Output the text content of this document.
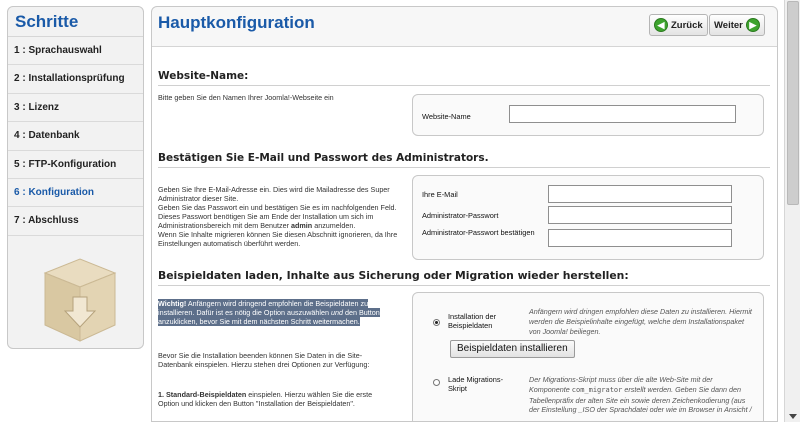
Schritte
1 : Sprachauswahl
2 : Installationsprüfung
3 : Lizenz
4 : Datenbank
5 : FTP-Konfiguration
6 : Konfiguration
7 : Abschluss
Hauptkonfiguration	◀ Zurück Weiter ▶
Website-Name:
Bitte geben Sie den Namen Ihrer Joomla!-Webseite ein
Website-Name
Bestätigen Sie E-Mail und Passwort des Administrators.
Geben Sie Ihre E-Mail-Adresse ein. Dies wird die Mailadresse des Super Administrator dieser Site.
Geben Sie das Passwort ein und bestätigen Sie es im nachfolgenden Feld. Dieses Passwort benötigen Sie am Ende der Installation um sich im Administrationsbereich mit dem Benutzer admin anzumelden.
Wenn Sie Inhalte migrieren können Sie diesen Abschnitt ignorieren, da Ihre Einstellungen automatisch überführt werden.
Ihre E-Mail
Administrator-Passwort
Administrator-Passwort bestätigen
Beispieldaten laden, Inhalte aus Sicherung oder Migration wieder herstellen:
Wichtig! Anfängern wird dringend empfohlen die Beispieldaten zu installieren. Dafür ist es nötig die Option auszuwählen und den Button anzuklicken, bevor Sie mit dem nächsten Schritt weitermachen.
Bevor Sie die Installation beenden können Sie Daten in die Site-Datenbank einspielen. Hierzu stehen drei Optionen zur Verfügung:
1. Standard-Beispieldaten einspielen. Hierzu wählen Sie die erste Option und klicken den Button "Installation der Beispieldaten".
Installation der Beispieldaten
Anfängern wird dringen empfohlen diese Daten zu installieren. Hiermit werden die Beispielinhalte eingefügt, welche dem Installationspaket von Joomla! beiliegen.
Beispieldaten installieren
Lade Migrations-Skript
Der Migrations-Skript muss über die alte Web-Site mit der Komponente com_migrator erstellt werden. Geben Sie dann den Tabellenpräfix der alten Site ein sowie deren Zeichenkodierung (aus der Einstellung _ISO der Sprachdatei oder wie im Browser in Ansicht /
